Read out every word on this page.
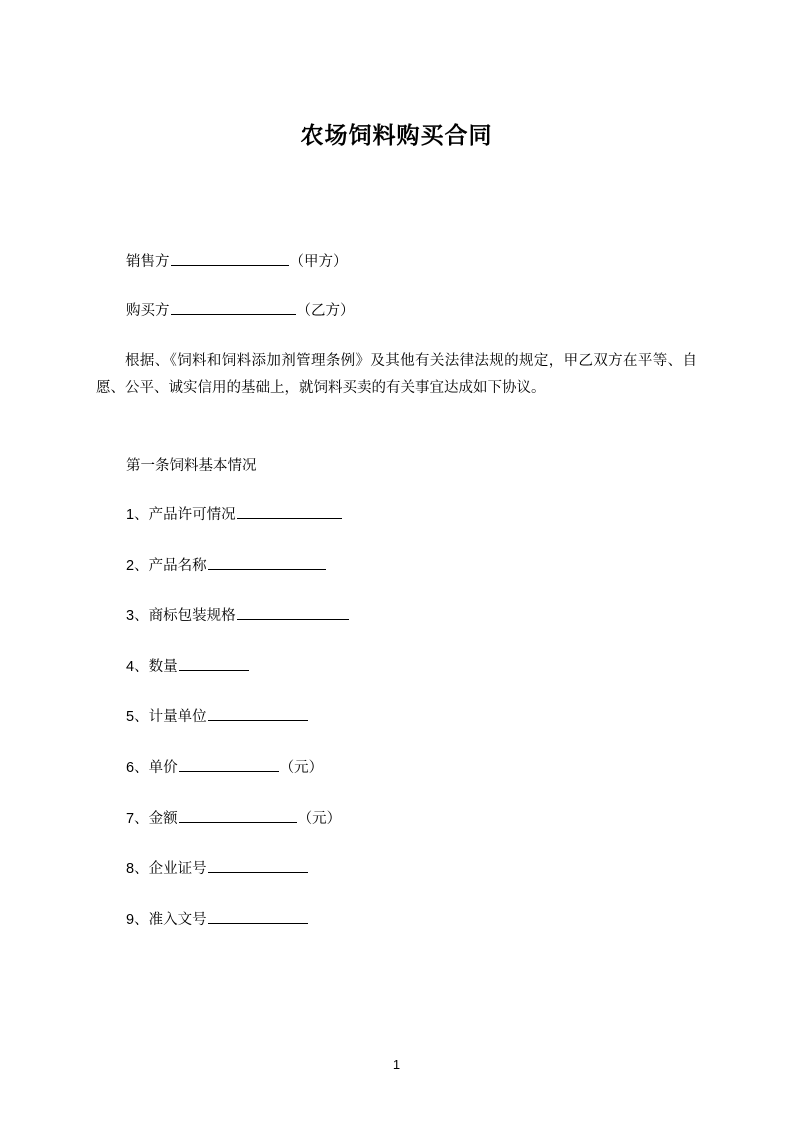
农场饲料购买合同

销售方	（甲方）

购买方	（乙方）

根据、《饲料和饲料添加剂管理条例》及其他有关法律法规的规定，甲乙双方在平等、自愿、公平、诚实信用的基础上，就饲料买卖的有关事宜达成如下协议。

第一条饲料基本情况

1、产品许可情况

2、产品名称

3、商标包装规格

4、数量

5、计量单位

6、单价	（元）

7、金额	（元）

8、企业证号

9、准入文号

1
